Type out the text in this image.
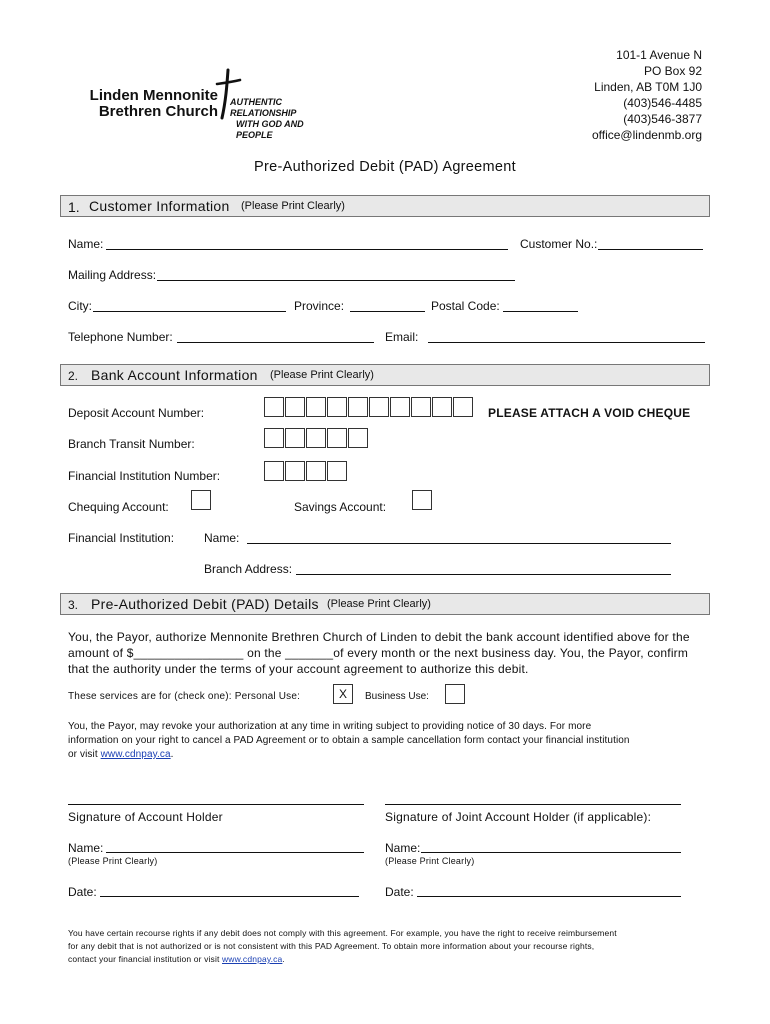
Linden Mennonite
Brethren Church
AUTHENTIC RELATIONSHIP
WITH GOD AND PEOPLE
101-1 Avenue N
PO Box 92
Linden, AB T0M 1J0
(403)546-4485
(403)546-3877
office@lindenmb.org
Pre-Authorized Debit (PAD) Agreement
1. Customer Information (Please Print Clearly)
Name:	Customer No.:
Mailing Address:
City:	Province:	Postal Code:
Telephone Number:	Email:
2. Bank Account Information (Please Print Clearly)
Deposit Account Number:	PLEASE ATTACH A VOID CHEQUE
Branch Transit Number:
Financial Institution Number:
Chequing Account:	Savings Account:
Financial Institution: Name:
Branch Address:
3. Pre-Authorized Debit (PAD) Details (Please Print Clearly)
You, the Payor, authorize Mennonite Brethren Church of Linden to debit the bank account identified above for the
amount of $________________ on the _______of every month or the next business day. You, the Payor, confirm
that the authority under the terms of your account agreement to authorize this debit.
These services are for (check one): Personal Use:	X	Business Use:
You, the Payor, may revoke your authorization at any time in writing subject to providing notice of 30 days. For more
information on your right to cancel a PAD Agreement or to obtain a sample cancellation form contact your financial institution
or visit www.cdnpay.ca.
Signature of Account Holder	Signature of Joint Account Holder (if applicable):
Name:	Name:
(Please Print Clearly)	(Please Print Clearly)
Date:	Date:
You have certain recourse rights if any debit does not comply with this agreement. For example, you have the right to receive reimbursement
for any debit that is not authorized or is not consistent with this PAD Agreement. To obtain more information about your recourse rights,
contact your financial institution or visit www.cdnpay.ca.
